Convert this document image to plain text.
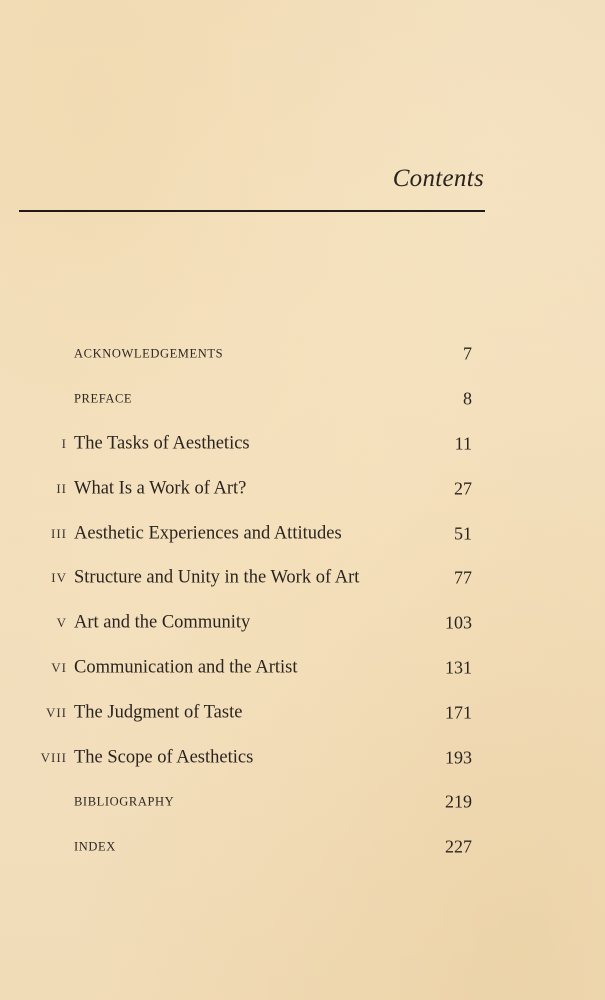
Contents
ACKNOWLEDGEMENTS	7
PREFACE	8
I The Tasks of Aesthetics	11
II What Is a Work of Art?	27
III Aesthetic Experiences and Attitudes	51
IV Structure and Unity in the Work of Art	77
V Art and the Community	103
VI Communication and the Artist	131
VII The Judgment of Taste	171
VIII The Scope of Aesthetics	193
BIBLIOGRAPHY	219
INDEX	227
